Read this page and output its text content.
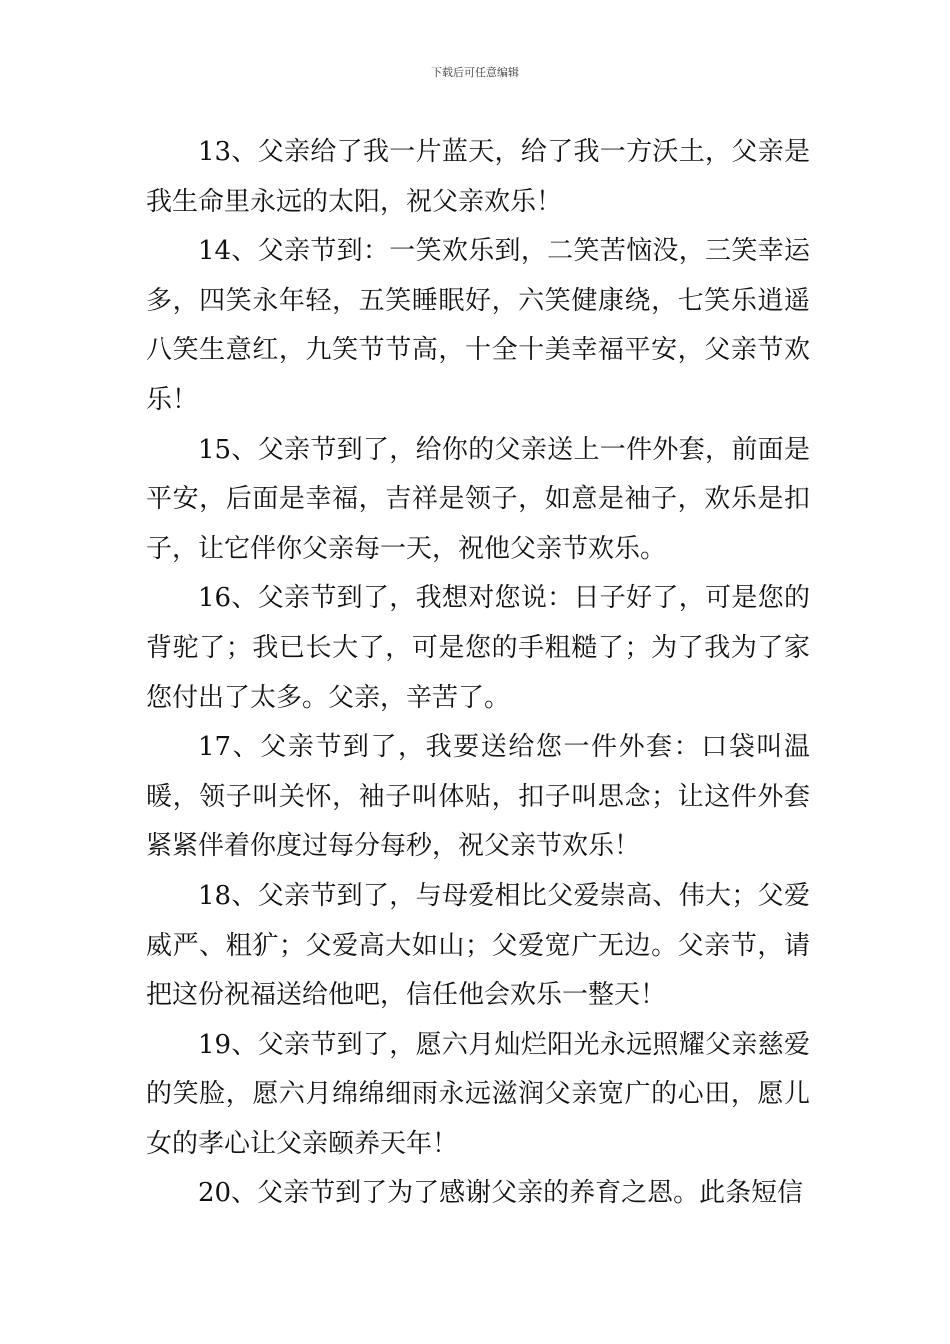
下载后可任意编辑

13、父亲给了我一片蓝天，给了我一方沃土，父亲是我生命里永远的太阳，祝父亲欢乐！

14、父亲节到：一笑欢乐到，二笑苦恼没，三笑幸运多，四笑永年轻，五笑睡眠好，六笑健康绕，七笑乐逍遥八笑生意红，九笑节节高，十全十美幸福平安，父亲节欢乐！

15、父亲节到了，给你的父亲送上一件外套，前面是平安，后面是幸福，吉祥是领子，如意是袖子，欢乐是扣子，让它伴你父亲每一天，祝他父亲节欢乐。

16、父亲节到了，我想对您说：日子好了，可是您的背驼了；我已长大了，可是您的手粗糙了；为了我为了家您付出了太多。父亲，辛苦了。

17、父亲节到了，我要送给您一件外套：口袋叫温暖，领子叫关怀，袖子叫体贴，扣子叫思念；让这件外套紧紧伴着你度过每分每秒，祝父亲节欢乐！

18、父亲节到了，与母爱相比父爱崇高、伟大；父爱威严、粗犷；父爱高大如山；父爱宽广无边。父亲节，请把这份祝福送给他吧，信任他会欢乐一整天！

19、父亲节到了，愿六月灿烂阳光永远照耀父亲慈爱的笑脸，愿六月绵绵细雨永远滋润父亲宽广的心田，愿儿女的孝心让父亲颐养天年！

20、父亲节到了为了感谢父亲的养育之恩。此条短信
